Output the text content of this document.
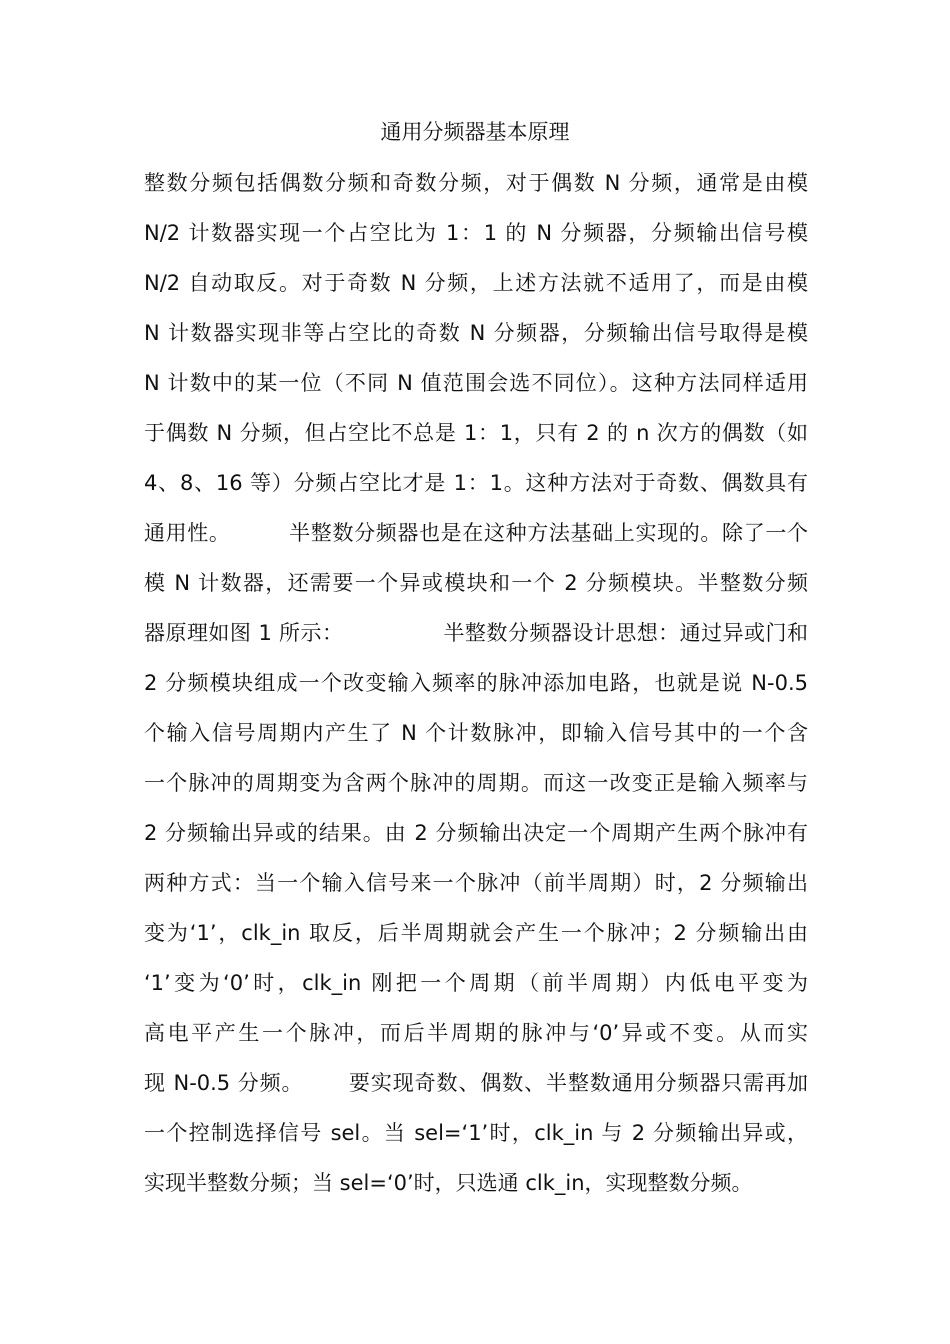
通用分频器基本原理
整数分频包括偶数分频和奇数分频，对于偶数 N 分频，通常是由模
N/2 计数器实现一个占空比为 1：1 的 N 分频器，分频输出信号模
N/2 自动取反。对于奇数 N 分频，上述方法就不适用了，而是由模
N 计数器实现非等占空比的奇数 N 分频器，分频输出信号取得是模
N 计数中的某一位（不同 N 值范围会选不同位）。这种方法同样适用
于偶数 N 分频，但占空比不总是 1：1，只有 2 的 n 次方的偶数（如
4、8、16 等）分频占空比才是 1：1。这种方法对于奇数、偶数具有
通用性。        半整数分频器也是在这种方法基础上实现的。除了一个
模 N 计数器，还需要一个异或模块和一个 2 分频模块。半整数分频
器原理如图 1 所示：              半整数分频器设计思想：通过异或门和
2 分频模块组成一个改变输入频率的脉冲添加电路，也就是说 N-0.5
个输入信号周期内产生了 N 个计数脉冲，即输入信号其中的一个含
一个脉冲的周期变为含两个脉冲的周期。而这一改变正是输入频率与
2 分频输出异或的结果。由 2 分频输出决定一个周期产生两个脉冲有
两种方式：当一个输入信号来一个脉冲（前半周期）时，2 分频输出
变为‘1’，clk_in 取反，后半周期就会产生一个脉冲；2 分频输出由
‘1’变为‘0’时，clk_in 刚把一个周期（前半周期）内低电平变为
高电平产生一个脉冲，而后半周期的脉冲与‘0’异或不变。从而实
现 N-0.5 分频。      要实现奇数、偶数、半整数通用分频器只需再加
一个控制选择信号 sel。当 sel=‘1’时，clk_in 与 2 分频输出异或，
实现半整数分频；当 sel=‘0’时，只选通 clk_in，实现整数分频。
